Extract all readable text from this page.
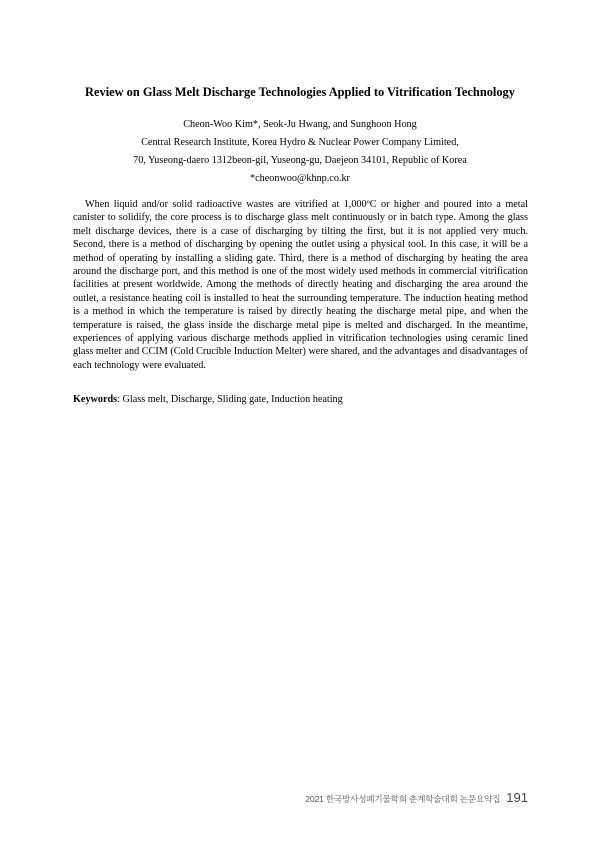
Review on Glass Melt Discharge Technologies Applied to Vitrification Technology
Cheon-Woo Kim*, Seok-Ju Hwang, and Sunghoon Hong
Central Research Institute, Korea Hydro & Nuclear Power Company Limited,
70, Yuseong-daero 1312beon-gil, Yuseong-gu, Daejeon 34101, Republic of Korea
*cheonwoo@khnp.co.kr

When liquid and/or solid radioactive wastes are vitrified at 1,000ºC or higher and poured into a metal canister to solidify, the core process is to discharge glass melt continuously or in batch type. Among the glass melt discharge devices, there is a case of discharging by tilting the first, but it is not applied very much. Second, there is a method of discharging by opening the outlet using a physical tool. In this case, it will be a method of operating by installing a sliding gate. Third, there is a method of discharging by heating the area around the discharge port, and this method is one of the most widely used methods in commercial vitrification facilities at present worldwide. Among the methods of directly heating and discharging the area around the outlet, a resistance heating coil is installed to heat the surrounding temperature. The induction heating method is a method in which the temperature is raised by directly heating the discharge metal pipe, and when the temperature is raised, the glass inside the discharge metal pipe is melted and discharged. In the meantime, experiences of applying various discharge methods applied in vitrification technologies using ceramic lined glass melter and CCIM (Cold Crucible Induction Melter) were shared, and the advantages and disadvantages of each technology were evaluated.

Keywords: Glass melt, Discharge, Sliding gate, Induction heating

2021 한국방사성폐기물학회 춘계학술대회 논문요약집 191
